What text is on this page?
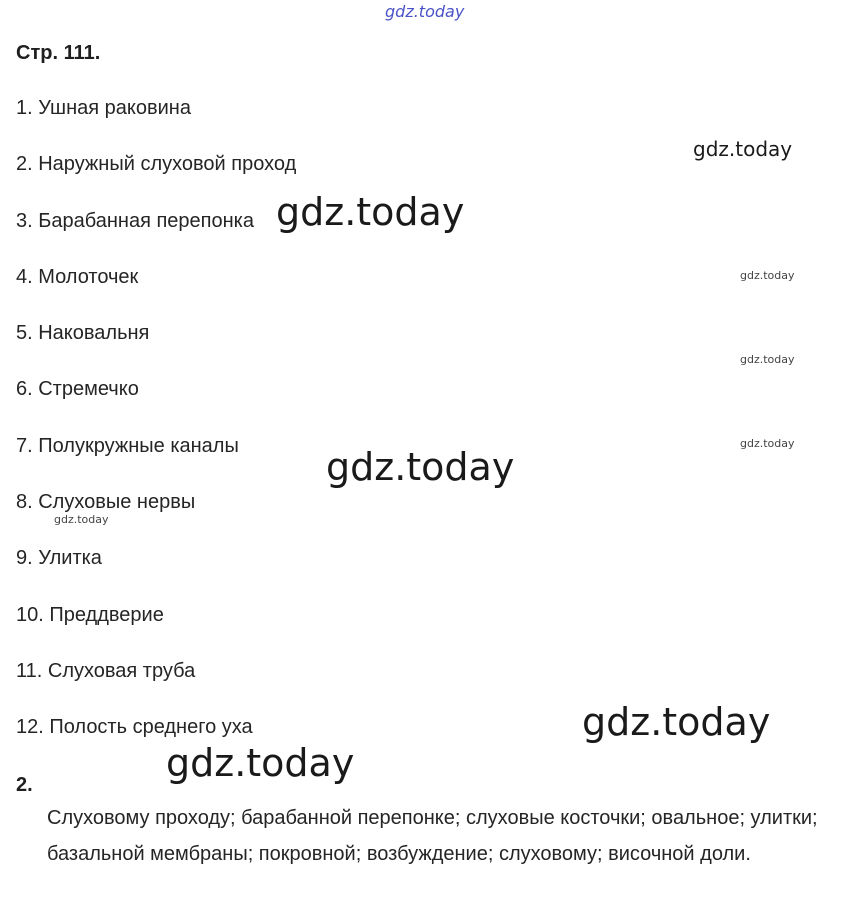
gdz.today
gdz.today
gdz.today
gdz.today
gdz.today
gdz.today
Стр. 111.
1. Ушная раковина
2. Наружный слуховой проход
3. Барабанная перепонка
4. Молоточек
5. Наковальня
6. Стремечко
7. Полукружные каналы
8. Слуховые нервы
9. Улитка
10. Преддверие
11. Слуховая труба
12. Полость среднего уха
2.

Слуховому проходу; барабанной перепонке; слуховые косточки; овальное; улитки; базальной мембраны; покровной; возбуждение; слуховому; височной доли.

gdz.today
gdz.today
gdz.today
gdz.today
